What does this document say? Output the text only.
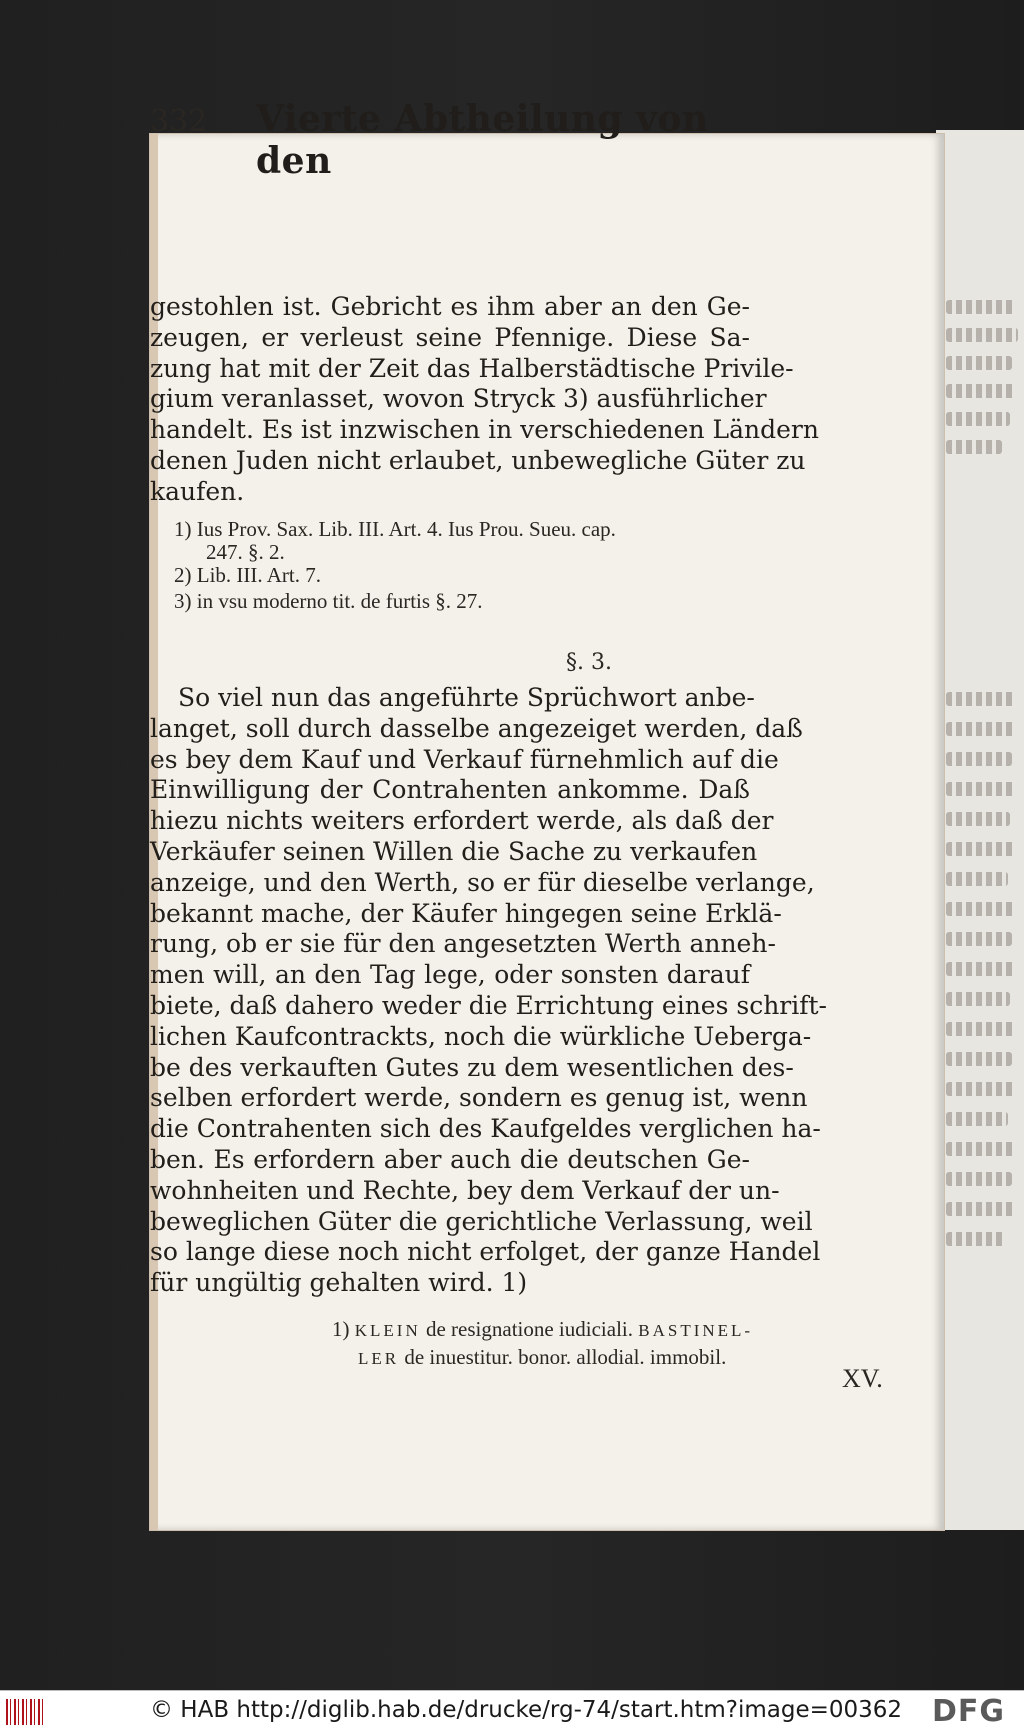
332 Vierte Abtheilung von den
gestohlen ist. Gebricht es ihm aber an den Ge-
zeugen, er verleust seine Pfennige. Diese Sa-
zung hat mit der Zeit das Halberstädtische Privile-
gium veranlasset, wovon Stryck 3) ausführlicher
handelt. Es ist inzwischen in verschiedenen Ländern
denen Juden nicht erlaubet, unbewegliche Güter zu
kaufen.
1) Ius Prov. Sax. Lib. III. Art. 4. Ius Prou. Sueu. cap.
247. §. 2.
2) Lib. III. Art. 7.
3) in vsu moderno tit. de furtis §. 27.
§. 3.
So viel nun das angeführte Sprüchwort anbe-
langet, soll durch dasselbe angezeiget werden, daß
es bey dem Kauf und Verkauf fürnehmlich auf die
Einwilligung der Contrahenten ankomme. Daß
hiezu nichts weiters erfordert werde, als daß der
Verkäufer seinen Willen die Sache zu verkaufen
anzeige, und den Werth, so er für dieselbe verlange,
bekannt mache, der Käufer hingegen seine Erklä-
rung, ob er sie für den angesetzten Werth anneh-
men will, an den Tag lege, oder sonsten darauf
biete, daß dahero weder die Errichtung eines schrift-
lichen Kaufcontrackts, noch die würkliche Ueberga-
be des verkauften Gutes zu dem wesentlichen des-
selben erfordert werde, sondern es genug ist, wenn
die Contrahenten sich des Kaufgeldes verglichen ha-
ben. Es erfordern aber auch die deutschen Ge-
wohnheiten und Rechte, bey dem Verkauf der un-
beweglichen Güter die gerichtliche Verlassung, weil
so lange diese noch nicht erfolget, der ganze Handel
für ungültig gehalten wird. 1)
1) KLEIN de resignatione iudiciali. BASTINEL-
LER de inuestitur. bonor. allodial. immobil.
XV.
© HAB http://diglib.hab.de/drucke/rg-74/start.htm?image=00362 DFG
